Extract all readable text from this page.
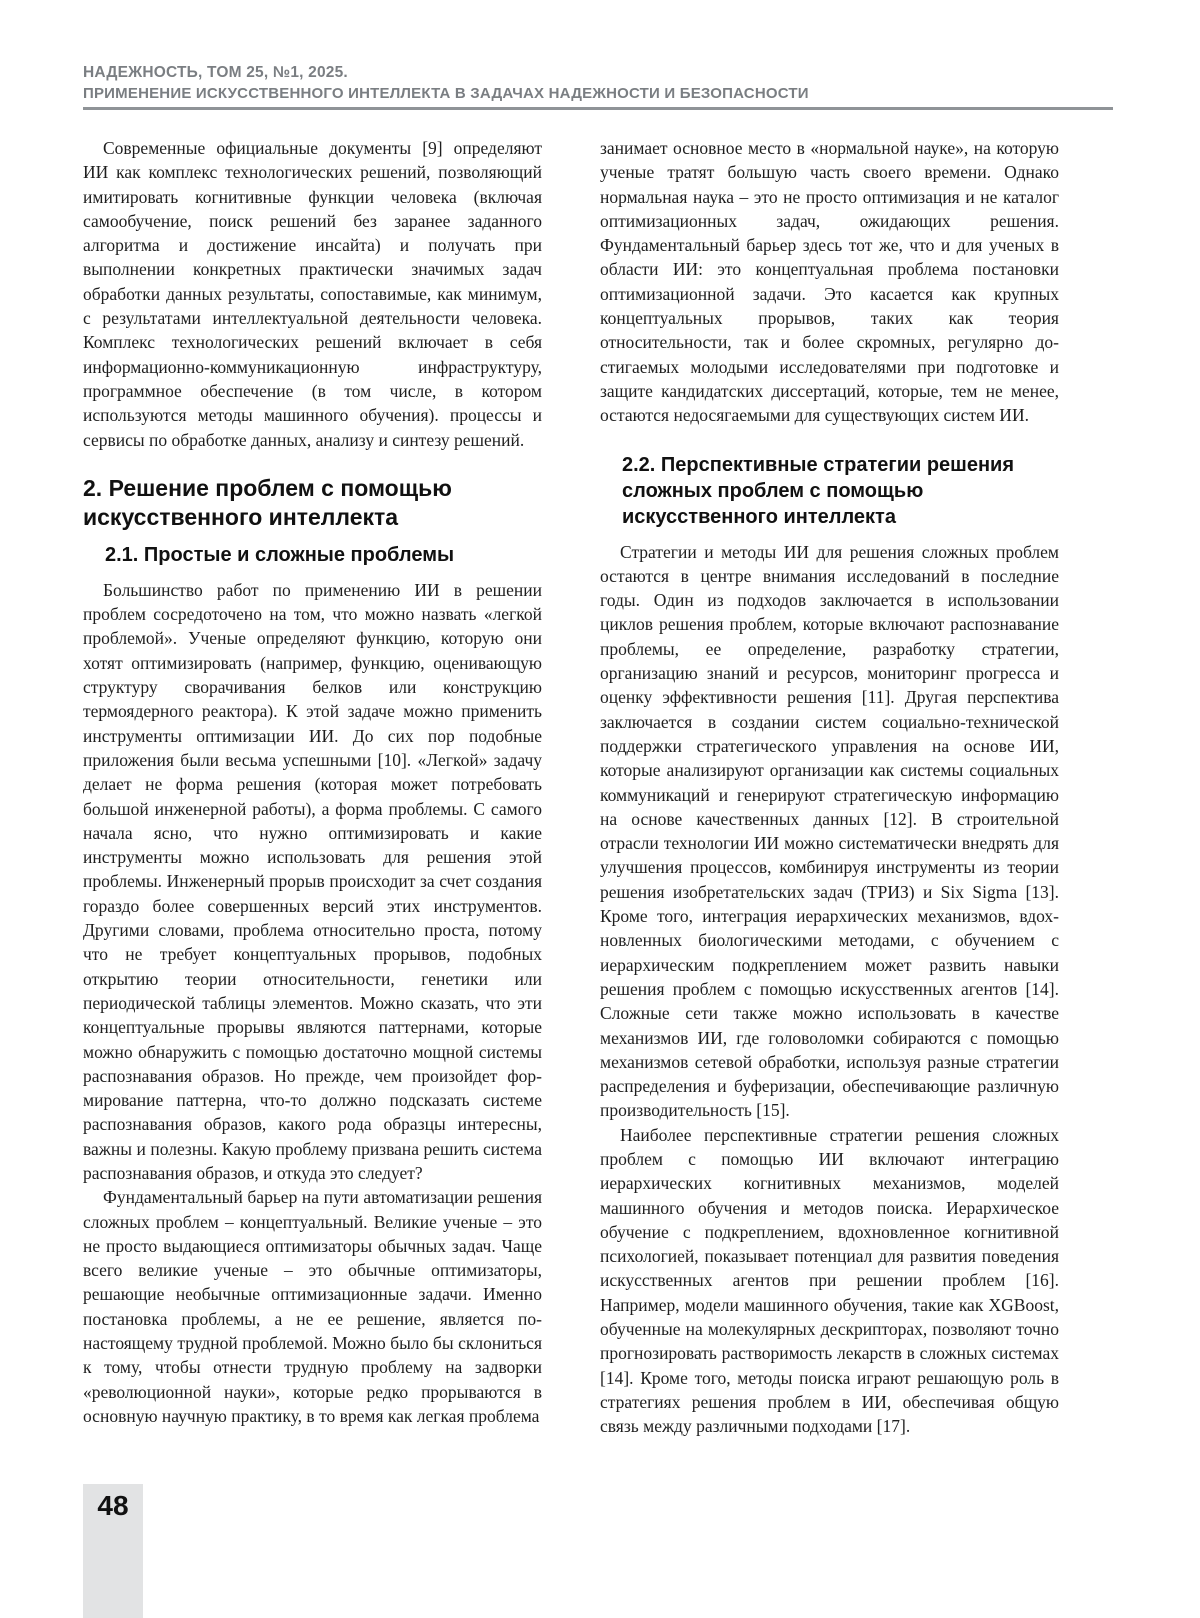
НАДЕЖНОСТЬ, ТОМ 25, №1, 2025.
ПРИМЕНЕНИЕ ИСКУССТВЕННОГО ИНТЕЛЛЕКТА В ЗАДАЧАХ НАДЕЖНОСТИ И БЕЗОПАСНОСТИ

Современные официальные документы [9] определяют ИИ как комплекс технологических решений, позволяющий имитировать когнитивные функции человека (включая самообучение, поиск решений без заранее заданного алгоритма и достижение инсайта) и получать при выполнении конкретных практически значимых задач обработки данных результаты, сопоставимые, как минимум, с результатами интеллектуальной деятельности человека. Комплекс технологических решений включает в себя информационно-коммуникационную инфраструктуру, программное обеспечение (в том числе, в котором используются методы машинного обучения). процессы и сервисы по обработке данных, анализу и синтезу решений.

2. Решение проблем с помощью искусственного интеллекта
2.1. Простые и сложные проблемы

Большинство работ по применению ИИ в решении проблем сосредоточено на том, что можно назвать «легкой проблемой». Ученые определяют функцию, которую они хотят оптимизировать (например, функцию, оценивающую структуру сворачивания белков или конструкцию термоядерного реактора). К этой задаче можно применить инструменты оптимизации ИИ. До сих пор подобные приложения были весьма успешными [10]. «Легкой» задачу делает не форма решения (которая может потребовать большой инженерной работы), а форма проблемы. С самого начала ясно, что нужно оптимизировать и какие инструменты можно использовать для решения этой проблемы. Инженерный прорыв происходит за счет создания гораздо более совершенных версий этих инструментов. Другими словами, проблема относительно проста, потому что не требует концептуальных прорывов, подобных открытию теории относительности, генетики или периодической таблицы элементов. Можно сказать, что эти концептуальные прорывы являются паттернами, которые можно обнаружить с помощью достаточно мощной системы распознавания образов. Но прежде, чем произойдет формирование паттерна, что-то должно подсказать системе распознавания образов, какого рода образцы интересны, важны и полезны. Какую проблему призвана решить система распознавания образов, и откуда это следует?

Фундаментальный барьер на пути автоматизации решения сложных проблем – концептуальный. Великие ученые – это не просто выдающиеся оптимизаторы обычных задач. Чаще всего великие ученые – это обычные оптимизаторы, решающие необычные оптимизационные задачи. Именно постановка проблемы, а не ее решение, является по-настоящему трудной проблемой. Можно было бы склониться к тому, чтобы отнести трудную проблему на задворки «революционной науки», которые редко прорываются в основную научную практику, в то время как легкая проблема

занимает основное место в «нормальной науке», на которую ученые тратят большую часть своего времени. Однако нормальная наука – это не просто оптимизация и не каталог оптимизационных задач, ожидающих решения. Фундаментальный барьер здесь тот же, что и для ученых в области ИИ: это концептуальная проблема постановки оптимизационной задачи. Это касается как крупных концептуальных прорывов, таких как теория относительности, так и более скромных, регулярно достигаемых молодыми исследователями при подготовке и защите кандидатских диссертаций, которые, тем не менее, остаются недосягаемыми для существующих систем ИИ.

2.2. Перспективные стратегии решения сложных проблем с помощью искусственного интеллекта

Стратегии и методы ИИ для решения сложных проблем остаются в центре внимания исследований в последние годы. Один из подходов заключается в использовании циклов решения проблем, которые включают распознавание проблемы, ее определение, разработку стратегии, организацию знаний и ресурсов, мониторинг прогресса и оценку эффективности решения [11]. Другая перспектива заключается в создании систем социально-технической поддержки стратегического управления на основе ИИ, которые анализируют организации как системы социальных коммуникаций и генерируют стратегическую информацию на основе качественных данных [12]. В строительной отрасли технологии ИИ можно систематически внедрять для улучшения процессов, комбинируя инструменты из теории решения изобретательских задач (ТРИЗ) и Six Sigma [13]. Кроме того, интеграция иерархических механизмов, вдохновленных биологическими методами, с обучением с иерархическим подкреплением может развить навыки решения проблем с помощью искусственных агентов [14]. Сложные сети также можно использовать в качестве механизмов ИИ, где головоломки собираются с помощью механизмов сетевой обработки, используя разные стратегии распределения и буферизации, обеспечивающие различную производительность [15].

Наиболее перспективные стратегии решения сложных проблем с помощью ИИ включают интеграцию иерархических когнитивных механизмов, моделей машинного обучения и методов поиска. Иерархическое обучение с подкреплением, вдохновленное когнитивной психологией, показывает потенциал для развития поведения искусственных агентов при решении проблем [16]. Например, модели машинного обучения, такие как XGBoost, обученные на молекулярных дескрипторах, позволяют точно прогнозировать растворимость лекарств в сложных системах [14]. Кроме того, методы поиска играют решающую роль в стратегиях решения проблем в ИИ, обеспечивая общую связь между различными подходами [17].

48
